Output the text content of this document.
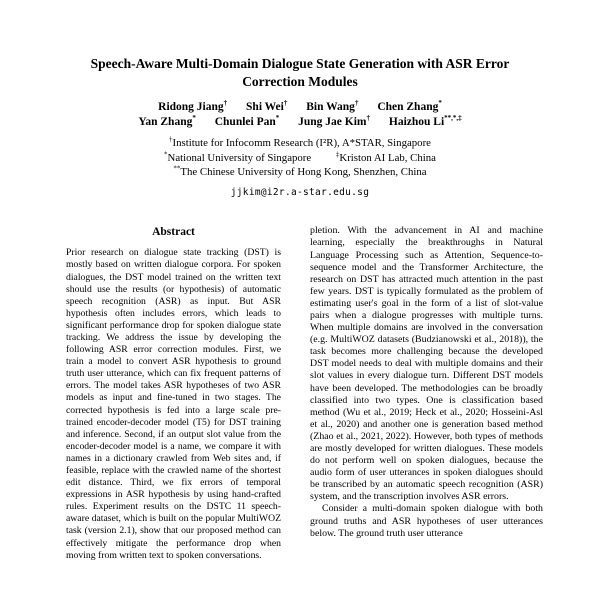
Speech-Aware Multi-Domain Dialogue State Generation with ASR Error Correction Modules
Ridong Jiang† Shi Wei† Bin Wang† Chen Zhang*
Yan Zhang* Chunlei Pan* Jung Jae Kim† Haizhou Li**,*,‡
†Institute for Infocomm Research (I²R), A*STAR, Singapore
*National University of Singapore	‡Kriston AI Lab, China
**The Chinese University of Hong Kong, Shenzhen, China
jjkim@i2r.a-star.edu.sg
Abstract

Prior research on dialogue state tracking (DST) is mostly based on written dialogue corpora. For spoken dialogues, the DST model trained on the written text should use the results (or hypothesis) of automatic speech recognition (ASR) as input. But ASR hypothesis often includes errors, which leads to significant performance drop for spoken dialogue state tracking. We address the issue by developing the following ASR error correction modules. First, we train a model to convert ASR hypothesis to ground truth user utterance, which can fix frequent patterns of errors. The model takes ASR hypotheses of two ASR models as input and fine-tuned in two stages. The corrected hypothesis is fed into a large scale pre-trained encoder-decoder model (T5) for DST training and inference. Second, if an output slot value from the encoder-decoder model is a name, we compare it with names in a dictionary crawled from Web sites and, if feasible, replace with the crawled name of the shortest edit distance. Third, we fix errors of temporal expressions in ASR hypothesis by using hand-crafted rules. Experiment results on the DSTC 11 speech-aware dataset, which is built on the popular MultiWOZ task (version 2.1), show that our proposed method can effectively mitigate the performance drop when moving from written text to spoken conversations.

pletion. With the advancement in AI and machine learning, especially the breakthroughs in Natural Language Processing such as Attention, Sequence-to-sequence model and the Transformer Architecture, the research on DST has attracted much attention in the past few years. DST is typically formulated as the problem of estimating user's goal in the form of a list of slot-value pairs when a dialogue progresses with multiple turns. When multiple domains are involved in the conversation (e.g. MultiWOZ datasets (Budzianowski et al., 2018)), the task becomes more challenging because the developed DST model needs to deal with multiple domains and their slot values in every dialogue turn. Different DST models have been developed. The methodologies can be broadly classified into two types. One is classification based method (Wu et al., 2019; Heck et al., 2020; Hosseini-Asl et al., 2020) and another one is generation based method (Zhao et al., 2021, 2022). However, both types of methods are mostly developed for written dialogues. These models do not perform well on spoken dialogues, because the audio form of user utterances in spoken dialogues should be transcribed by an automatic speech recognition (ASR) system, and the transcription involves ASR errors.

Consider a multi-domain spoken dialogue with both ground truths and ASR hypotheses of user utterances below. The ground truth user utterance
